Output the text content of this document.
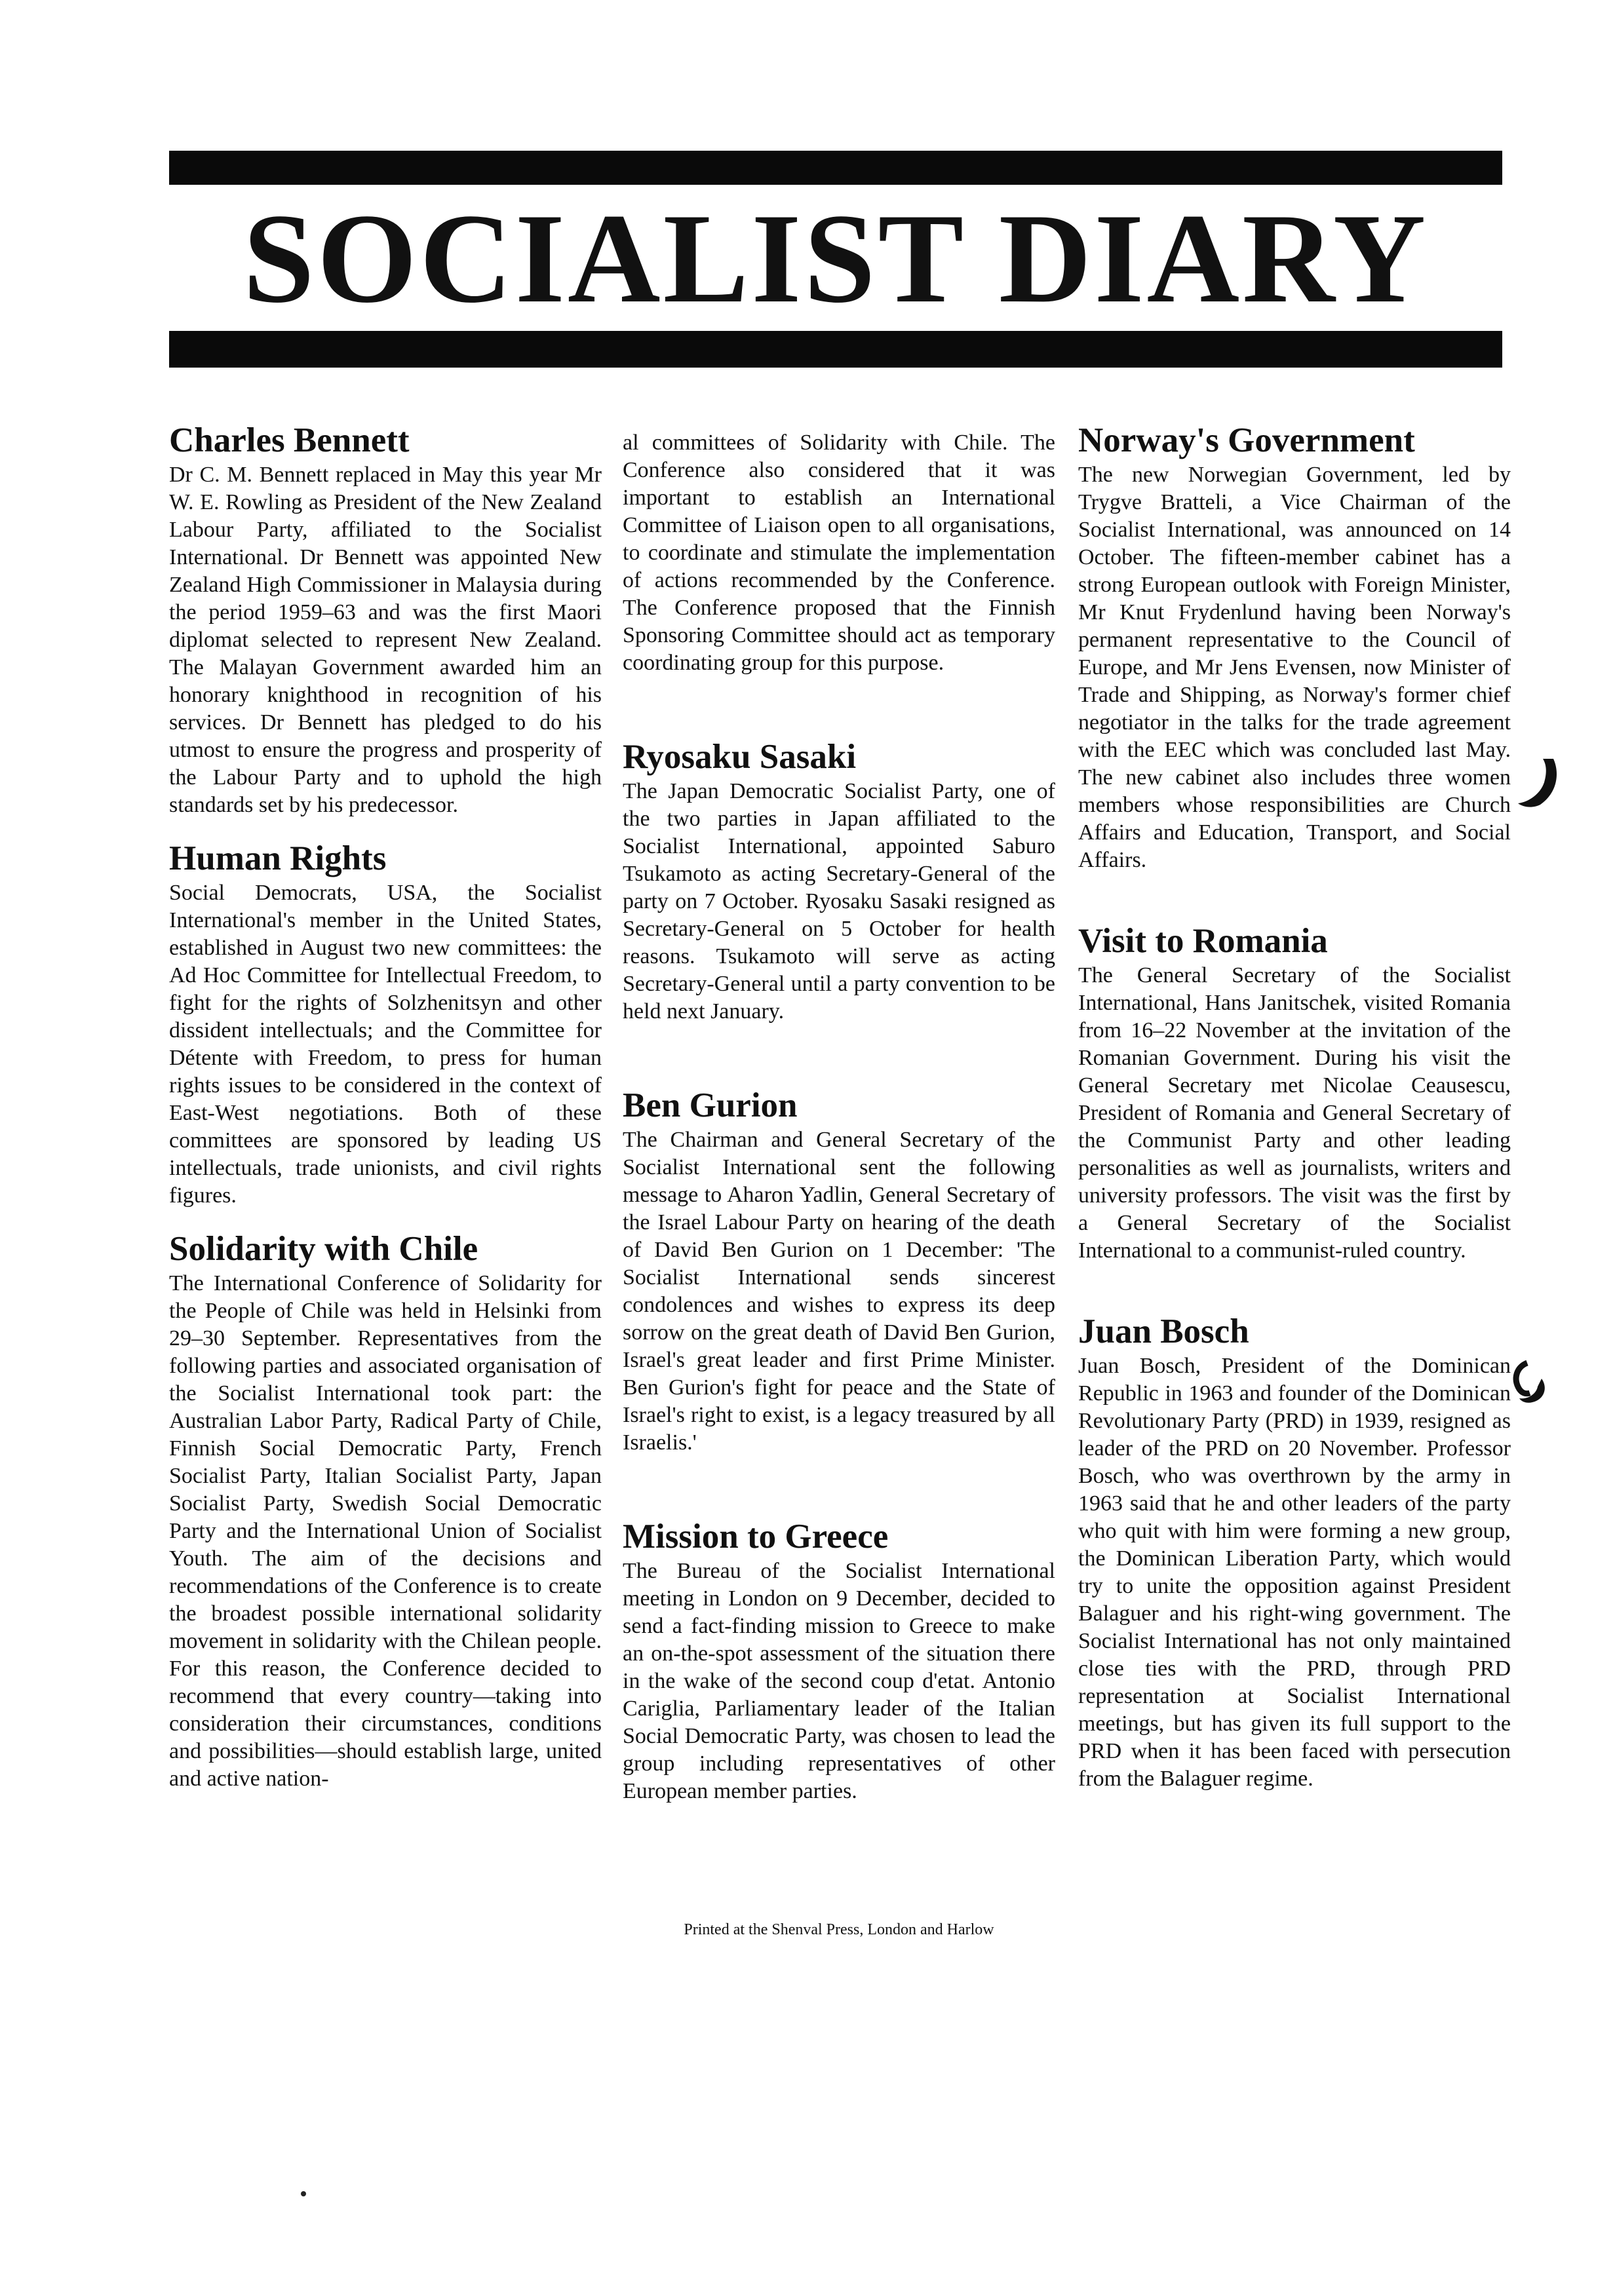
SOCIALIST DIARY
Charles Bennett

Dr C. M. Bennett replaced in May this year Mr W. E. Rowling as President of the New Zealand Labour Party, affiliated to the Socialist International. Dr Bennett was appointed New Zealand High Commissioner in Malaysia during the period 1959–63 and was the first Maori diplomat selected to represent New Zealand. The Malayan Government awarded him an honorary knighthood in recognition of his services. Dr Bennett has pledged to do his utmost to ensure the progress and prosperity of the Labour Party and to uphold the high standards set by his predecessor.

Human Rights

Social Democrats, USA, the Socialist International's member in the United States, established in August two new committees: the Ad Hoc Committee for Intellectual Freedom, to fight for the rights of Solzhenitsyn and other dissident intellectuals; and the Committee for Détente with Freedom, to press for human rights issues to be considered in the context of East-West negotiations. Both of these committees are sponsored by leading US intellectuals, trade unionists, and civil rights figures.

Solidarity with Chile

The International Conference of Solidarity for the People of Chile was held in Helsinki from 29–30 September. Representatives from the following parties and associated organisation of the Socialist International took part: the Australian Labor Party, Radical Party of Chile, Finnish Social Democratic Party, French Socialist Party, Italian Socialist Party, Japan Socialist Party, Swedish Social Democratic Party and the International Union of Socialist Youth. The aim of the decisions and recommendations of the Conference is to create the broadest possible international solidarity movement in solidarity with the Chilean people. For this reason, the Conference decided to recommend that every country—taking into consideration their circumstances, conditions and possibilities—should establish large, united and active nation-

al committees of Solidarity with Chile. The Conference also considered that it was important to establish an International Committee of Liaison open to all organisations, to coordinate and stimulate the implementation of actions recommended by the Conference. The Conference proposed that the Finnish Sponsoring Committee should act as temporary coordinating group for this purpose.

Ryosaku Sasaki

The Japan Democratic Socialist Party, one of the two parties in Japan affiliated to the Socialist International, appointed Saburo Tsukamoto as acting Secretary-General of the party on 7 October. Ryosaku Sasaki resigned as Secretary-General on 5 October for health reasons. Tsukamoto will serve as acting Secretary-General until a party convention to be held next January.

Ben Gurion

The Chairman and General Secretary of the Socialist International sent the following message to Aharon Yadlin, General Secretary of the Israel Labour Party on hearing of the death of David Ben Gurion on 1 December: 'The Socialist International sends sincerest condolences and wishes to express its deep sorrow on the great death of David Ben Gurion, Israel's great leader and first Prime Minister. Ben Gurion's fight for peace and the State of Israel's right to exist, is a legacy treasured by all Israelis.'

Mission to Greece

The Bureau of the Socialist International meeting in London on 9 December, decided to send a fact-finding mission to Greece to make an on-the-spot assessment of the situation there in the wake of the second coup d'etat. Antonio Cariglia, Parliamentary leader of the Italian Social Democratic Party, was chosen to lead the group including representatives of other European member parties.

Norway's Government

The new Norwegian Government, led by Trygve Bratteli, a Vice Chairman of the Socialist International, was announced on 14 October. The fifteen-member cabinet has a strong European outlook with Foreign Minister, Mr Knut Frydenlund having been Norway's permanent representative to the Council of Europe, and Mr Jens Evensen, now Minister of Trade and Shipping, as Norway's former chief negotiator in the talks for the trade agreement with the EEC which was concluded last May. The new cabinet also includes three women members whose responsibilities are Church Affairs and Education, Transport, and Social Affairs.

Visit to Romania

The General Secretary of the Socialist International, Hans Janitschek, visited Romania from 16–22 November at the invitation of the Romanian Government. During his visit the General Secretary met Nicolae Ceausescu, President of Romania and General Secretary of the Communist Party and other leading personalities as well as journalists, writers and university professors. The visit was the first by a General Secretary of the Socialist International to a communist-ruled country.

Juan Bosch

Juan Bosch, President of the Dominican Republic in 1963 and founder of the Dominican Revolutionary Party (PRD) in 1939, resigned as leader of the PRD on 20 November. Professor Bosch, who was overthrown by the army in 1963 said that he and other leaders of the party who quit with him were forming a new group, the Dominican Liberation Party, which would try to unite the opposition against President Balaguer and his right-wing government. The Socialist International has not only maintained close ties with the PRD, through PRD representation at Socialist International meetings, but has given its full support to the PRD when it has been faced with persecution from the Balaguer regime.

Printed at the Shenval Press, London and Harlow
